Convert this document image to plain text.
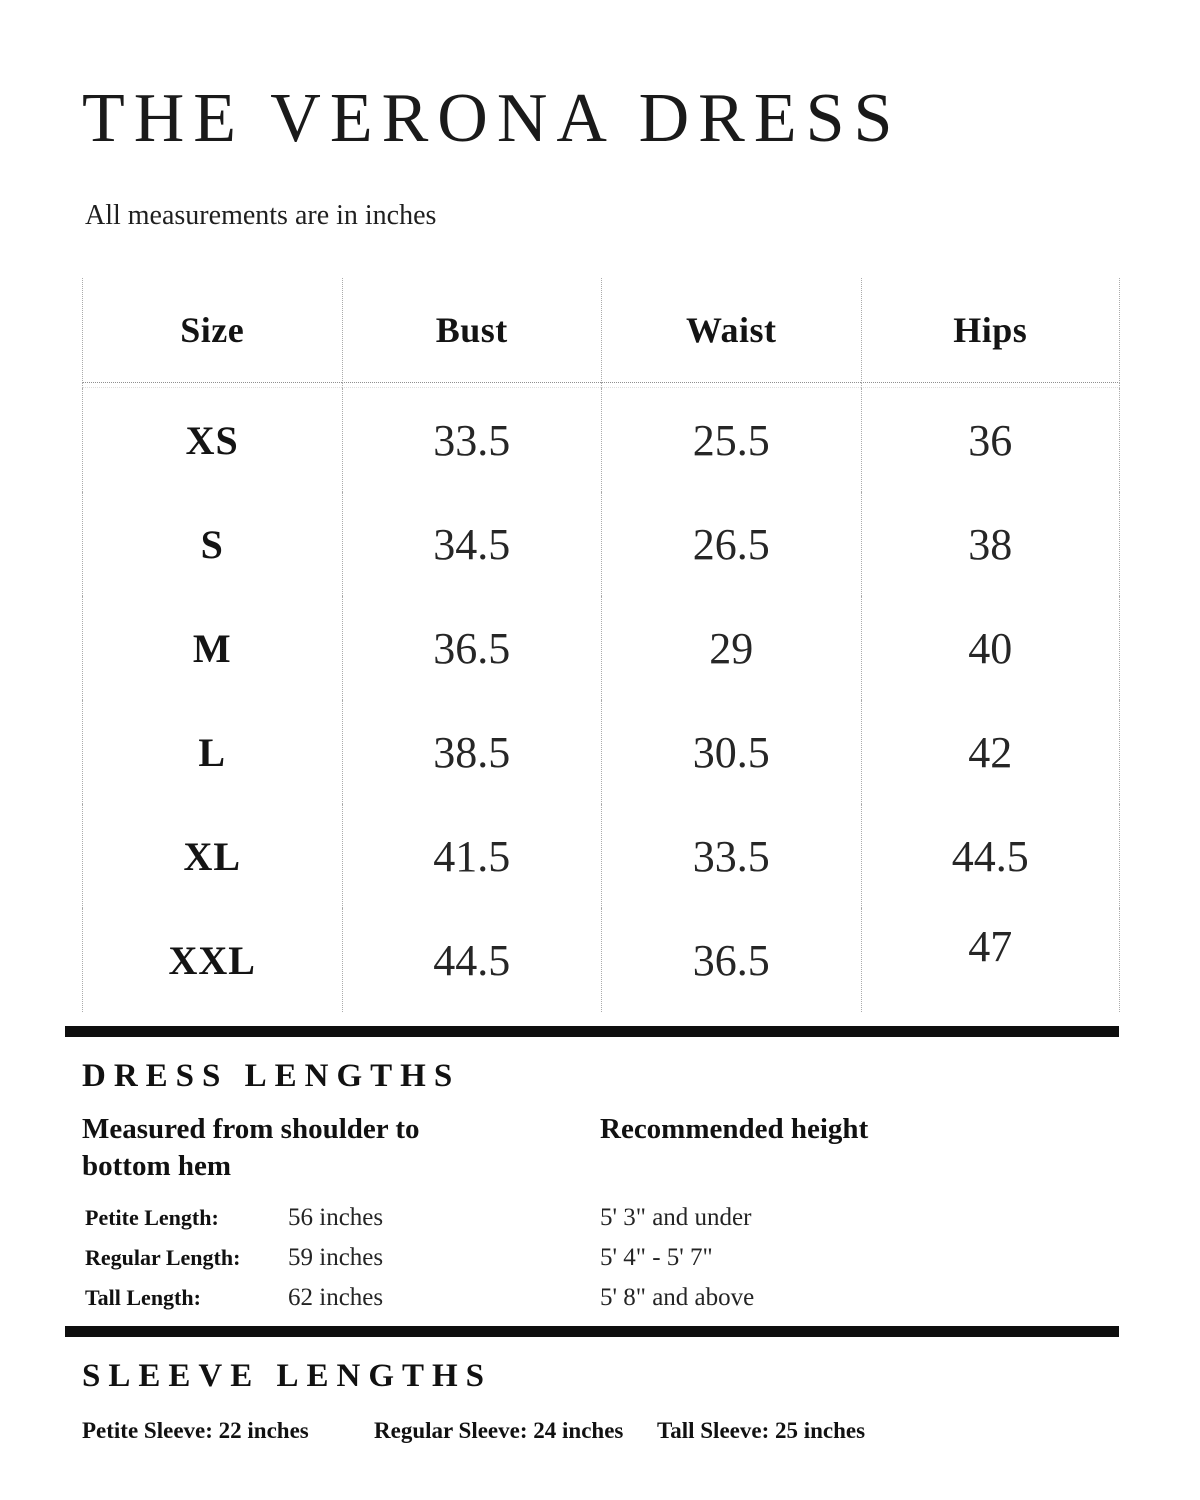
THE VERONA DRESS

All measurements are in inches

Size	Bust	Waist	Hips

XS	33.5	25.5	36
S	34.5	26.5	38
M	36.5	29	40
L	38.5	30.5	42
XL	41.5	33.5	44.5
XXL	44.5	36.5	47
DRESS LENGTHS
Measured from shoulder to bottom hem
Recommended height
Petite Length:	56 inches	5' 3" and under
Regular Length:	59 inches	5' 4" - 5' 7"
Tall Length:	62 inches	5' 8" and above
SLEEVE LENGTHS
Petite Sleeve: 22 inches	Regular Sleeve: 24 inches	Tall Sleeve: 25 inches
